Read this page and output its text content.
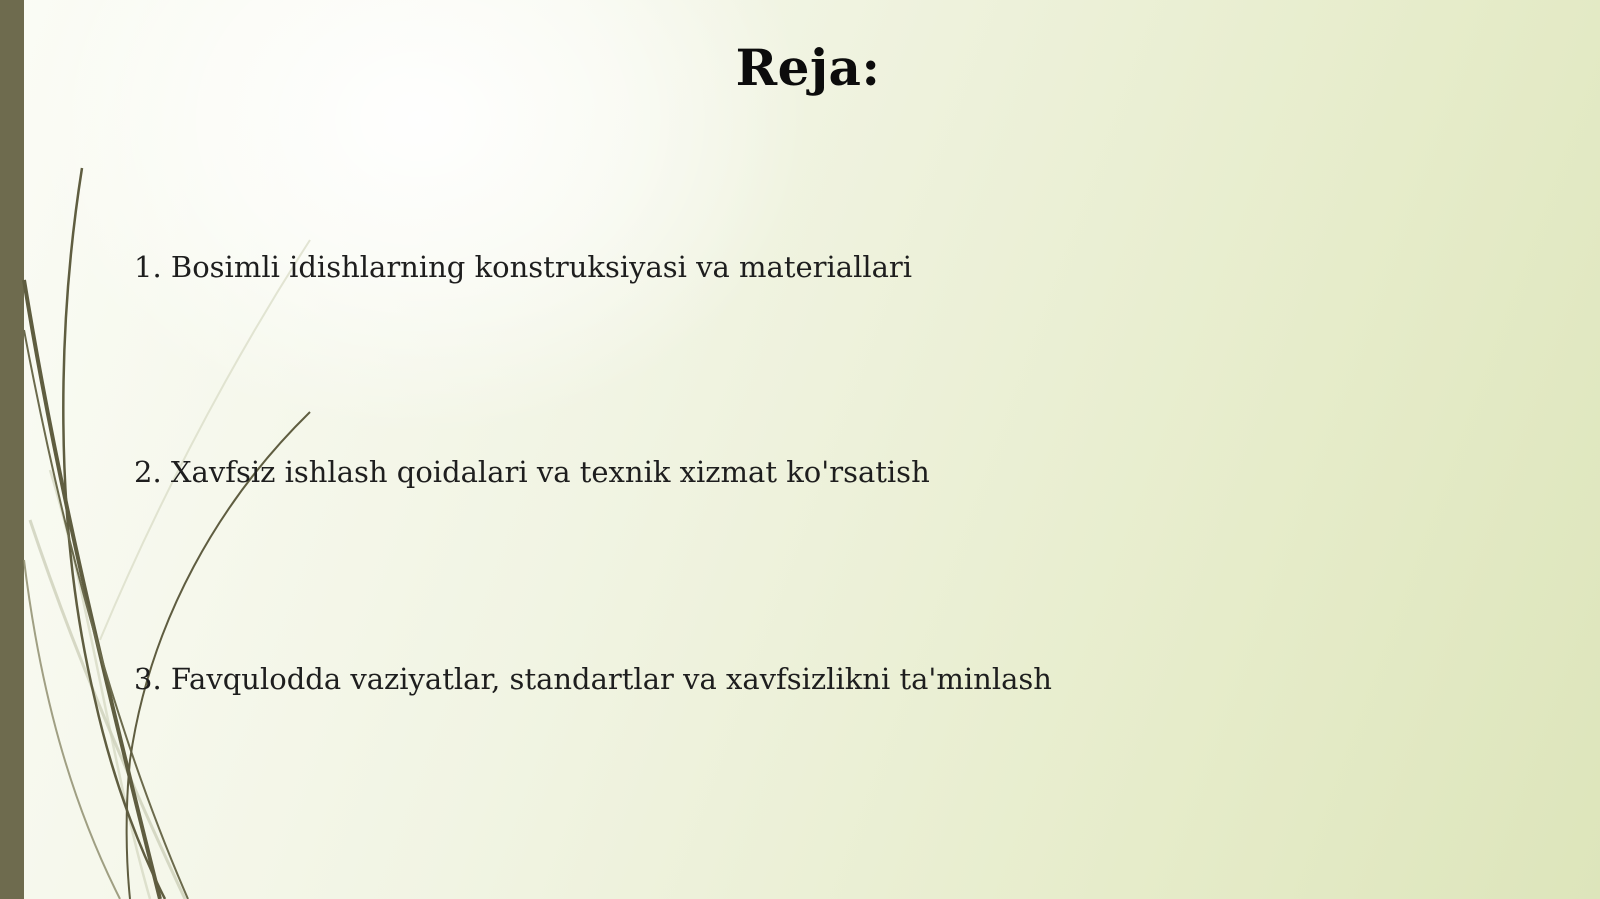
Reja:
1. Bosimli idishlarning konstruksiyasi va materiallari
2. Xavfsiz ishlash qoidalari va texnik xizmat ko'rsatish
3. Favqulodda vaziyatlar, standartlar va xavfsizlikni ta'minlash
